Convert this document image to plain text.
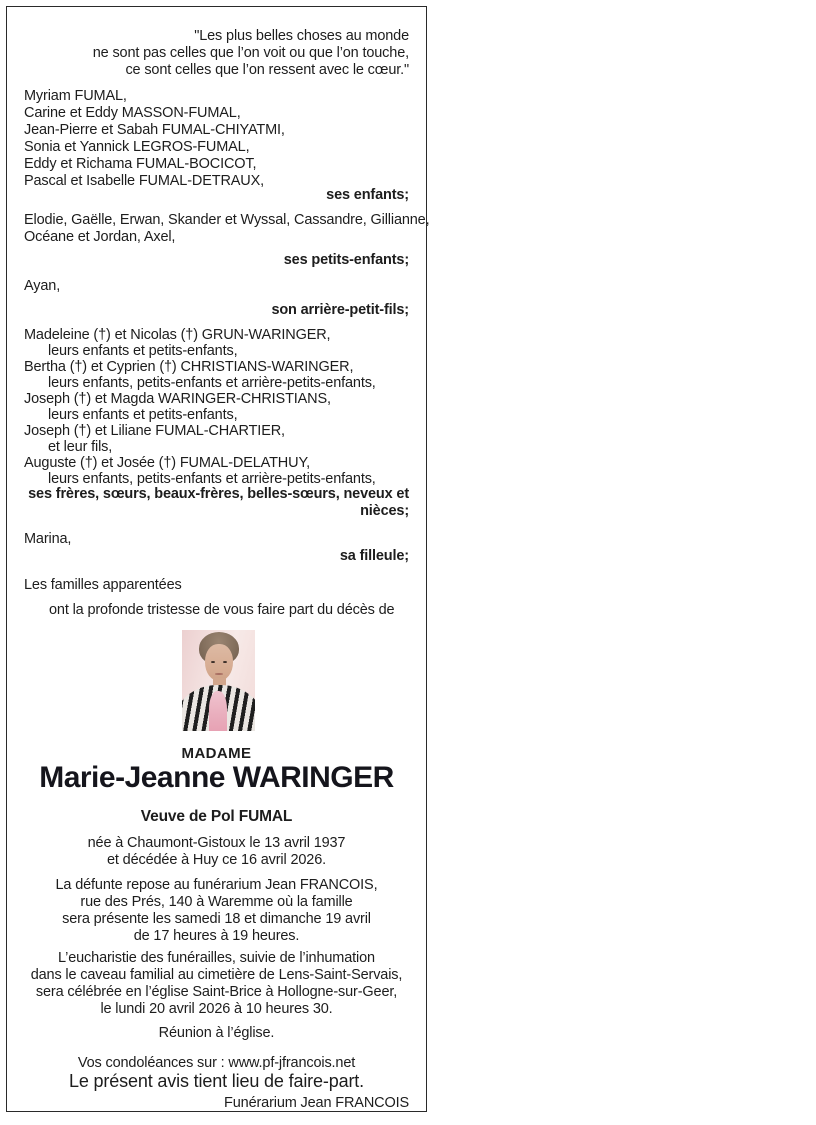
"Les plus belles choses au monde
ne sont pas celles que l’on voit ou que l’on touche,
ce sont celles que l’on ressent avec le cœur."
Myriam FUMAL,
Carine et Eddy MASSON-FUMAL,
Jean-Pierre et Sabah FUMAL-CHIYATMI,
Sonia et Yannick LEGROS-FUMAL,
Eddy et Richama FUMAL-BOCICOT,
Pascal et Isabelle FUMAL-DETRAUX,
ses enfants;
Elodie, Gaëlle, Erwan, Skander et Wyssal, Cassandre, Gillianne,
Océane et Jordan, Axel,
ses petits-enfants;
Ayan,
son arrière-petit-fils;
Madeleine (†) et Nicolas (†) GRUN-WARINGER,
leurs enfants et petits-enfants,
Bertha (†) et Cyprien (†) CHRISTIANS-WARINGER,
leurs enfants, petits-enfants et arrière-petits-enfants,
Joseph (†) et Magda WARINGER-CHRISTIANS,
leurs enfants et petits-enfants,
Joseph (†) et Liliane FUMAL-CHARTIER,
et leur fils,
Auguste (†) et Josée (†) FUMAL-DELATHUY,
leurs enfants, petits-enfants et arrière-petits-enfants,
ses frères, sœurs, beaux-frères, belles-sœurs, neveux et
nièces;
Marina,
sa filleule;
Les familles apparentées
ont la profonde tristesse de vous faire part du décès de
MADAME
Marie-Jeanne WARINGER
Veuve de Pol FUMAL
née à Chaumont-Gistoux le 13 avril 1937
et décédée à Huy ce 16 avril 2026.
La défunte repose au funérarium Jean FRANCOIS,
rue des Prés, 140 à Waremme où la famille
sera présente les samedi 18 et dimanche 19 avril
de 17 heures à 19 heures.
L’eucharistie des funérailles, suivie de l’inhumation
dans le caveau familial au cimetière de Lens-Saint-Servais,
sera célébrée en l’église Saint-Brice à Hollogne-sur-Geer,
le lundi 20 avril 2026 à 10 heures 30.
Réunion à l’église.
Vos condoléances sur : www.pf-jfrancois.net
Le présent avis tient lieu de faire-part.
Funérarium Jean FRANCOIS
